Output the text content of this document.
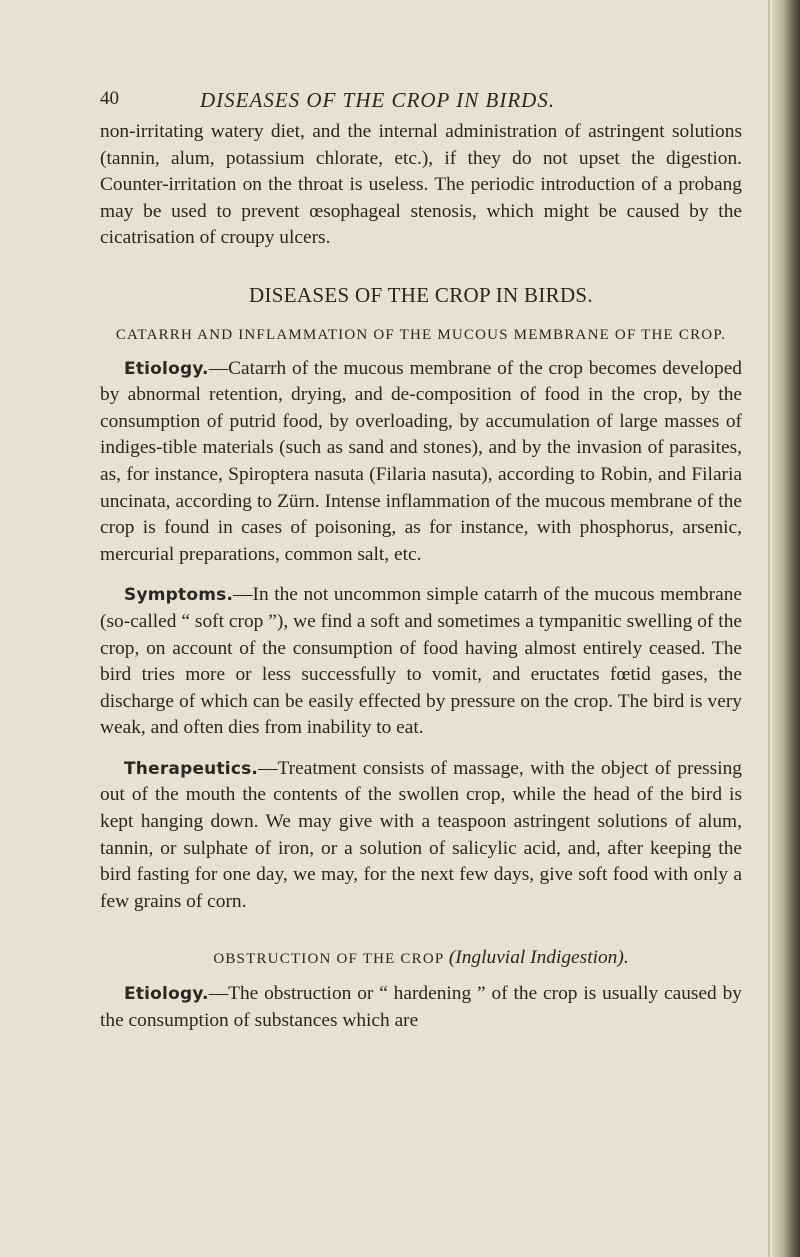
40	DISEASES OF THE CROP IN BIRDS.

non-irritating watery diet, and the internal administration of astringent solutions (tannin, alum, potassium chlorate, etc.), if they do not upset the digestion. Counter-irritation on the throat is useless. The periodic introduction of a probang may be used to prevent œsophageal stenosis, which might be caused by the cicatrisation of croupy ulcers.

DISEASES OF THE CROP IN BIRDS.
CATARRH AND INFLAMMATION OF THE MUCOUS MEMBRANE OF THE CROP.

Etiology.—Catarrh of the mucous membrane of the crop becomes developed by abnormal retention, drying, and de-composition of food in the crop, by the consumption of putrid food, by overloading, by accumulation of large masses of indiges-tible materials (such as sand and stones), and by the invasion of parasites, as, for instance, Spiroptera nasuta (Filaria nasuta), according to Robin, and Filaria uncinata, according to Zürn. Intense inflammation of the mucous membrane of the crop is found in cases of poisoning, as for instance, with phosphorus, arsenic, mercurial preparations, common salt, etc.

Symptoms.—In the not uncommon simple catarrh of the mucous membrane (so-called “ soft crop ”), we find a soft and sometimes a tympanitic swelling of the crop, on account of the consumption of food having almost entirely ceased. The bird tries more or less successfully to vomit, and eructates fœtid gases, the discharge of which can be easily effected by pressure on the crop. The bird is very weak, and often dies from inability to eat.

Therapeutics.—Treatment consists of massage, with the object of pressing out of the mouth the contents of the swollen crop, while the head of the bird is kept hanging down. We may give with a teaspoon astringent solutions of alum, tannin, or sulphate of iron, or a solution of salicylic acid, and, after keeping the bird fasting for one day, we may, for the next few days, give soft food with only a few grains of corn.

OBSTRUCTION OF THE CROP (Ingluvial Indigestion).

Etiology.—The obstruction or “ hardening ” of the crop is usually caused by the consumption of substances which are
